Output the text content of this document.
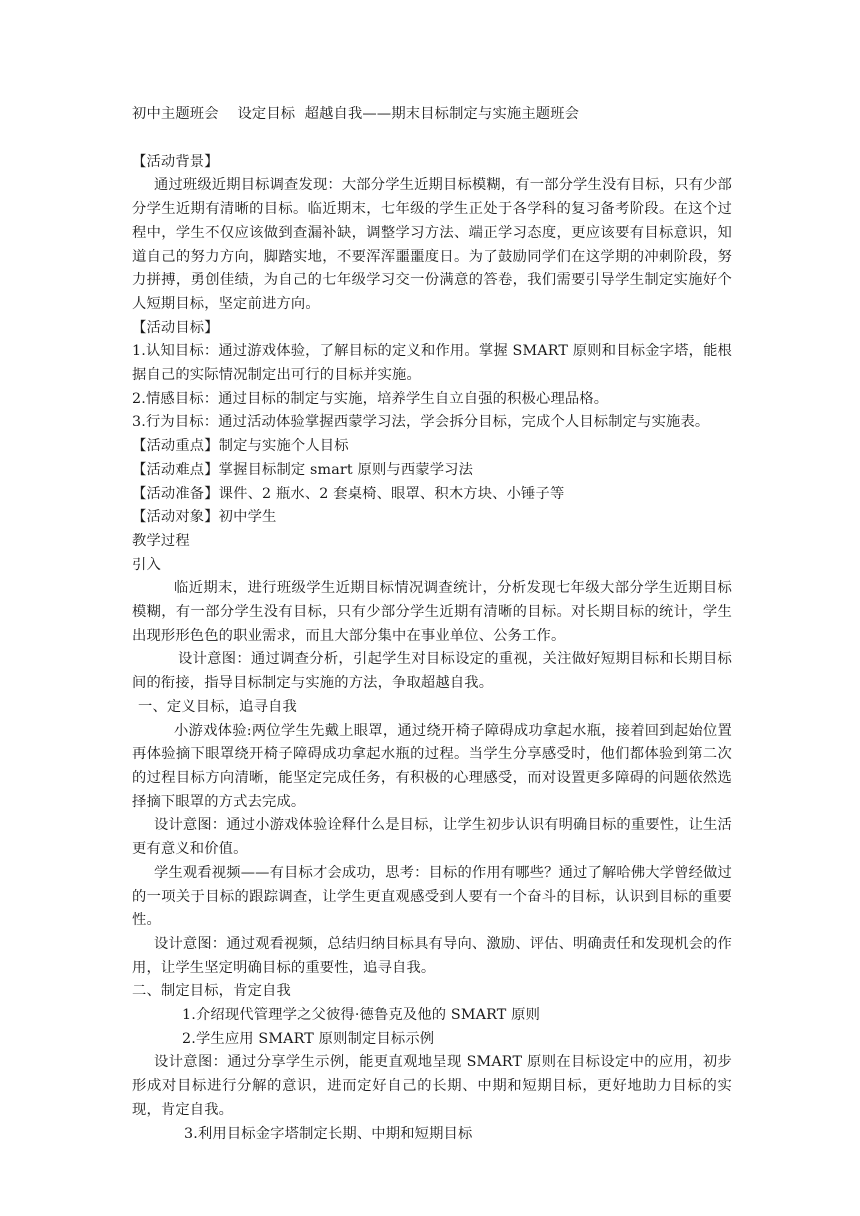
初中主题班会    设定目标  超越自我——期末目标制定与实施主题班会

【活动背景】

通过班级近期目标调查发现：大部分学生近期目标模糊，有一部分学生没有目标，只有少部分学生近期有清晰的目标。临近期末，七年级的学生正处于各学科的复习备考阶段。在这个过程中，学生不仅应该做到查漏补缺，调整学习方法、端正学习态度，更应该要有目标意识，知道自己的努力方向，脚踏实地，不要浑浑噩噩度日。为了鼓励同学们在这学期的冲刺阶段，努力拼搏，勇创佳绩，为自己的七年级学习交一份满意的答卷，我们需要引导学生制定实施好个人短期目标，坚定前进方向。

【活动目标】

1.认知目标：通过游戏体验，了解目标的定义和作用。掌握 SMART 原则和目标金字塔，能根据自己的实际情况制定出可行的目标并实施。

2.情感目标：通过目标的制定与实施，培养学生自立自强的积极心理品格。

3.行为目标：通过活动体验掌握西蒙学习法，学会拆分目标，完成个人目标制定与实施表。

【活动重点】制定与实施个人目标

【活动难点】掌握目标制定 smart 原则与西蒙学习法

【活动准备】课件、2 瓶水、2 套桌椅、眼罩、积木方块、小锤子等

【活动对象】初中学生

教学过程

引入

临近期末，进行班级学生近期目标情况调查统计，分析发现七年级大部分学生近期目标模糊，有一部分学生没有目标，只有少部分学生近期有清晰的目标。对长期目标的统计，学生出现形形色色的职业需求，而且大部分集中在事业单位、公务工作。

设计意图：通过调查分析，引起学生对目标设定的重视，关注做好短期目标和长期目标间的衔接，指导目标制定与实施的方法，争取超越自我。

一、定义目标，追寻自我

小游戏体验:两位学生先戴上眼罩，通过绕开椅子障碍成功拿起水瓶，接着回到起始位置再体验摘下眼罩绕开椅子障碍成功拿起水瓶的过程。当学生分享感受时，他们都体验到第二次的过程目标方向清晰，能坚定完成任务，有积极的心理感受，而对设置更多障碍的问题依然选择摘下眼罩的方式去完成。

设计意图：通过小游戏体验诠释什么是目标，让学生初步认识有明确目标的重要性，让生活更有意义和价值。

学生观看视频——有目标才会成功，思考：目标的作用有哪些？通过了解哈佛大学曾经做过的一项关于目标的跟踪调查，让学生更直观感受到人要有一个奋斗的目标，认识到目标的重要性。

设计意图：通过观看视频，总结归纳目标具有导向、激励、评估、明确责任和发现机会的作用，让学生坚定明确目标的重要性，追寻自我。

二、制定目标，肯定自我

1.介绍现代管理学之父彼得·德鲁克及他的 SMART 原则

2.学生应用 SMART 原则制定目标示例

设计意图：通过分享学生示例，能更直观地呈现 SMART 原则在目标设定中的应用，初步形成对目标进行分解的意识，进而定好自己的长期、中期和短期目标，更好地助力目标的实现，肯定自我。

3.利用目标金字塔制定长期、中期和短期目标
